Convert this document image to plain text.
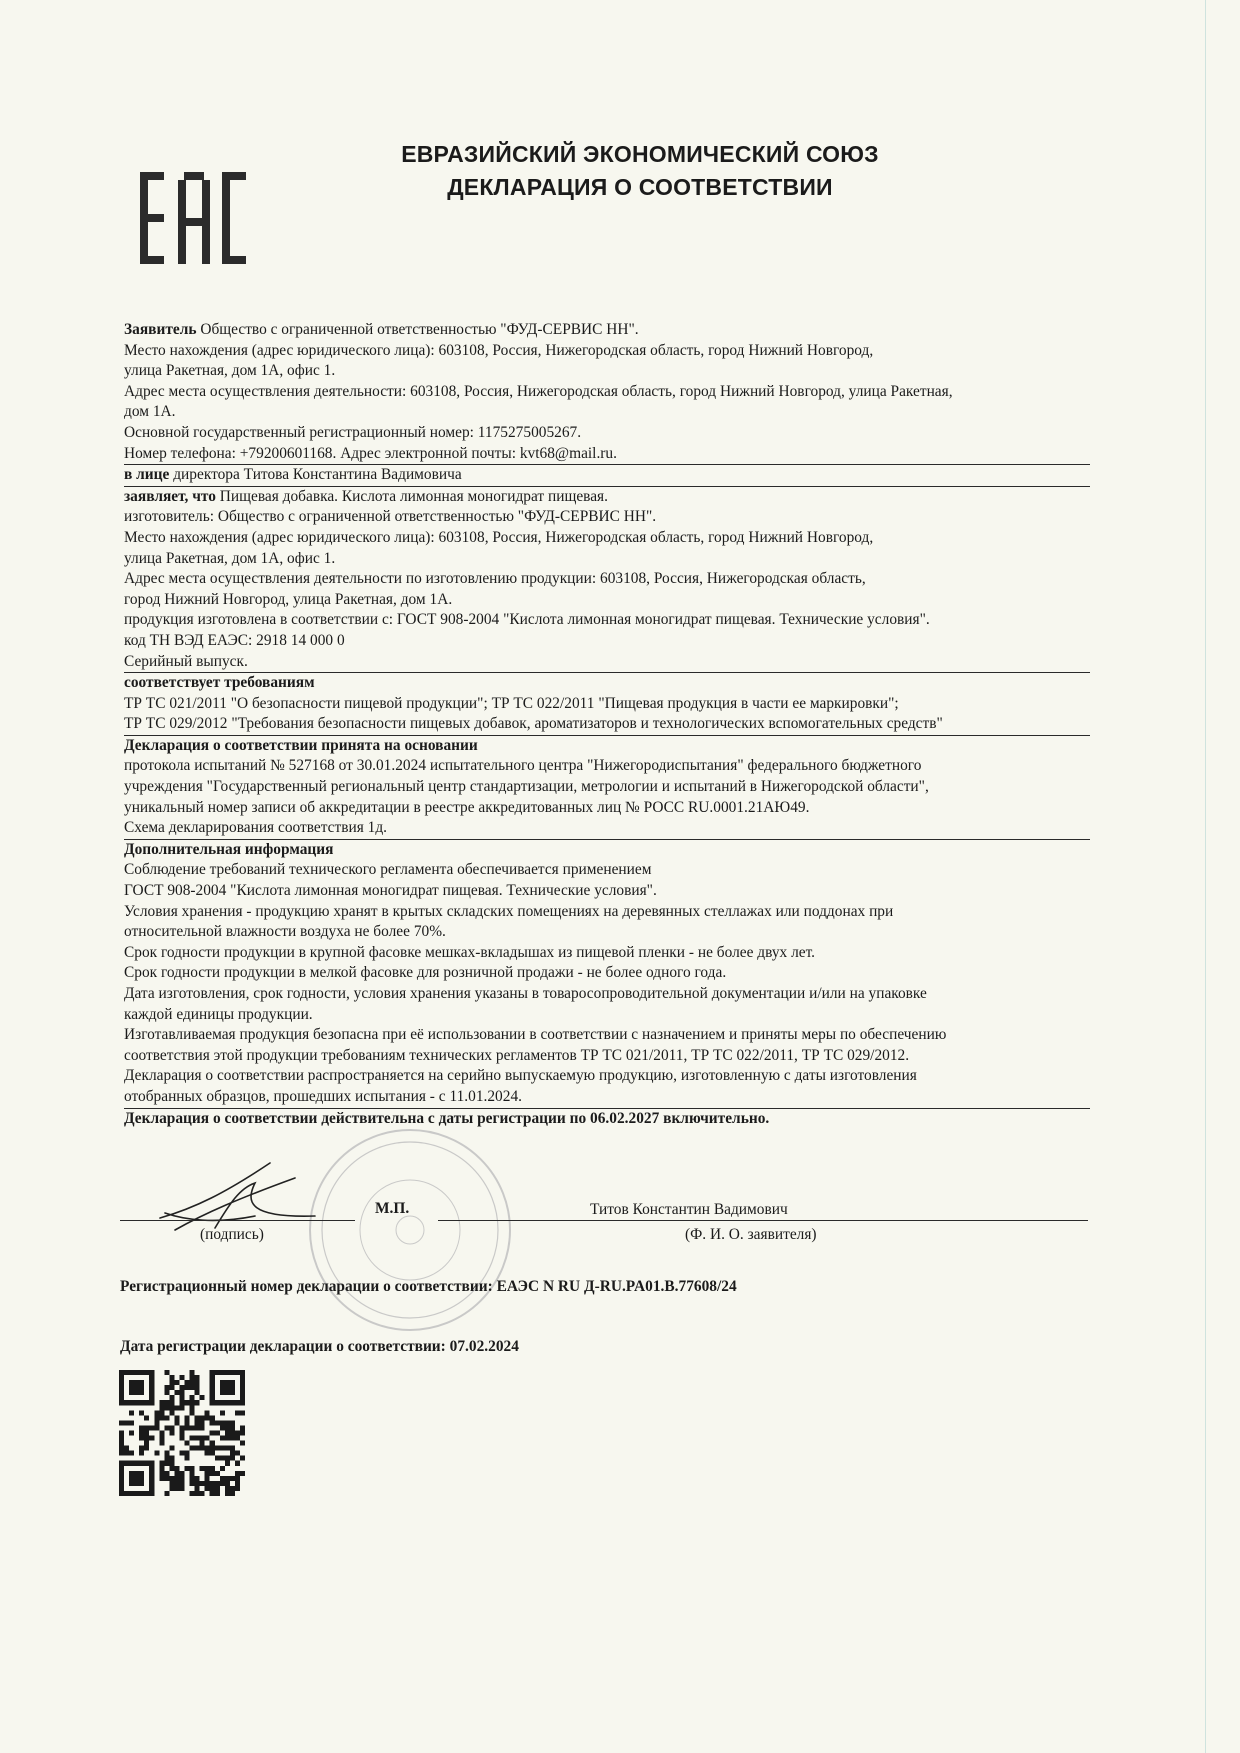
ЕВРАЗИЙСКИЙ ЭКОНОМИЧЕСКИЙ СОЮЗ
ДЕКЛАРАЦИЯ О СООТВЕТСТВИИ
Заявитель Общество с ограниченной ответственностью "ФУД-СЕРВИС НН".
Место нахождения (адрес юридического лица): 603108, Россия, Нижегородская область, город Нижний Новгород,
улица Ракетная, дом 1А, офис 1.
Адрес места осуществления деятельности: 603108, Россия, Нижегородская область, город Нижний Новгород, улица Ракетная,
дом 1А.
Основной государственный регистрационный номер: 1175275005267.
Номер телефона: +79200601168. Адрес электронной почты: kvt68@mail.ru.
в лице директора Титова Константина Вадимовича
заявляет, что Пищевая добавка. Кислота лимонная моногидрат пищевая.
изготовитель: Общество с ограниченной ответственностью "ФУД-СЕРВИС НН".
Место нахождения (адрес юридического лица): 603108, Россия, Нижегородская область, город Нижний Новгород,
улица Ракетная, дом 1А, офис 1.
Адрес места осуществления деятельности по изготовлению продукции: 603108, Россия, Нижегородская область,
город Нижний Новгород, улица Ракетная, дом 1А.
продукция изготовлена в соответствии с: ГОСТ 908-2004 "Кислота лимонная моногидрат пищевая. Технические условия".
код ТН ВЭД ЕАЭС: 2918 14 000 0
Серийный выпуск.
соответствует требованиям
ТР ТС 021/2011 "О безопасности пищевой продукции"; ТР ТС 022/2011 "Пищевая продукция в части ее маркировки";
ТР ТС 029/2012 "Требования безопасности пищевых добавок, ароматизаторов и технологических вспомогательных средств"
Декларация о соответствии принята на основании
протокола испытаний № 527168 от 30.01.2024 испытательного центра "Нижегородиспытания" федерального бюджетного
учреждения "Государственный региональный центр стандартизации, метрологии и испытаний в Нижегородской области",
уникальный номер записи об аккредитации в реестре аккредитованных лиц № РОСС RU.0001.21АЮ49.
Схема декларирования соответствия 1д.
Дополнительная информация
Соблюдение требований технического регламента обеспечивается применением
ГОСТ 908-2004 "Кислота лимонная моногидрат пищевая. Технические условия".
Условия хранения - продукцию хранят в крытых складских помещениях на деревянных стеллажах или поддонах при
относительной влажности воздуха не более 70%.
Срок годности продукции в крупной фасовке мешках-вкладышах из пищевой пленки - не более двух лет.
Срок годности продукции в мелкой фасовке для розничной продажи - не более одного года.
Дата изготовления, срок годности, условия хранения указаны в товаросопроводительной документации и/или на упаковке
каждой единицы продукции.
Изготавливаемая продукция безопасна при её использовании в соответствии с назначением и приняты меры по обеспечению
соответствия этой продукции требованиям технических регламентов ТР ТС 021/2011, ТР ТС 022/2011, ТР ТС 029/2012.
Декларация о соответствии распространяется на серийно выпускаемую продукцию, изготовленную с даты изготовления
отобранных образцов, прошедших испытания - с 11.01.2024.
Декларация о соответствии действительна с даты регистрации по 06.02.2027 включительно.
М.П.	Титов Константин Вадимович
(подпись)	(Ф. И. О. заявителя)
Регистрационный номер декларации о соответствии: ЕАЭС N RU Д-RU.PA01.B.77608/24
Дата регистрации декларации о соответствии: 07.02.2024
